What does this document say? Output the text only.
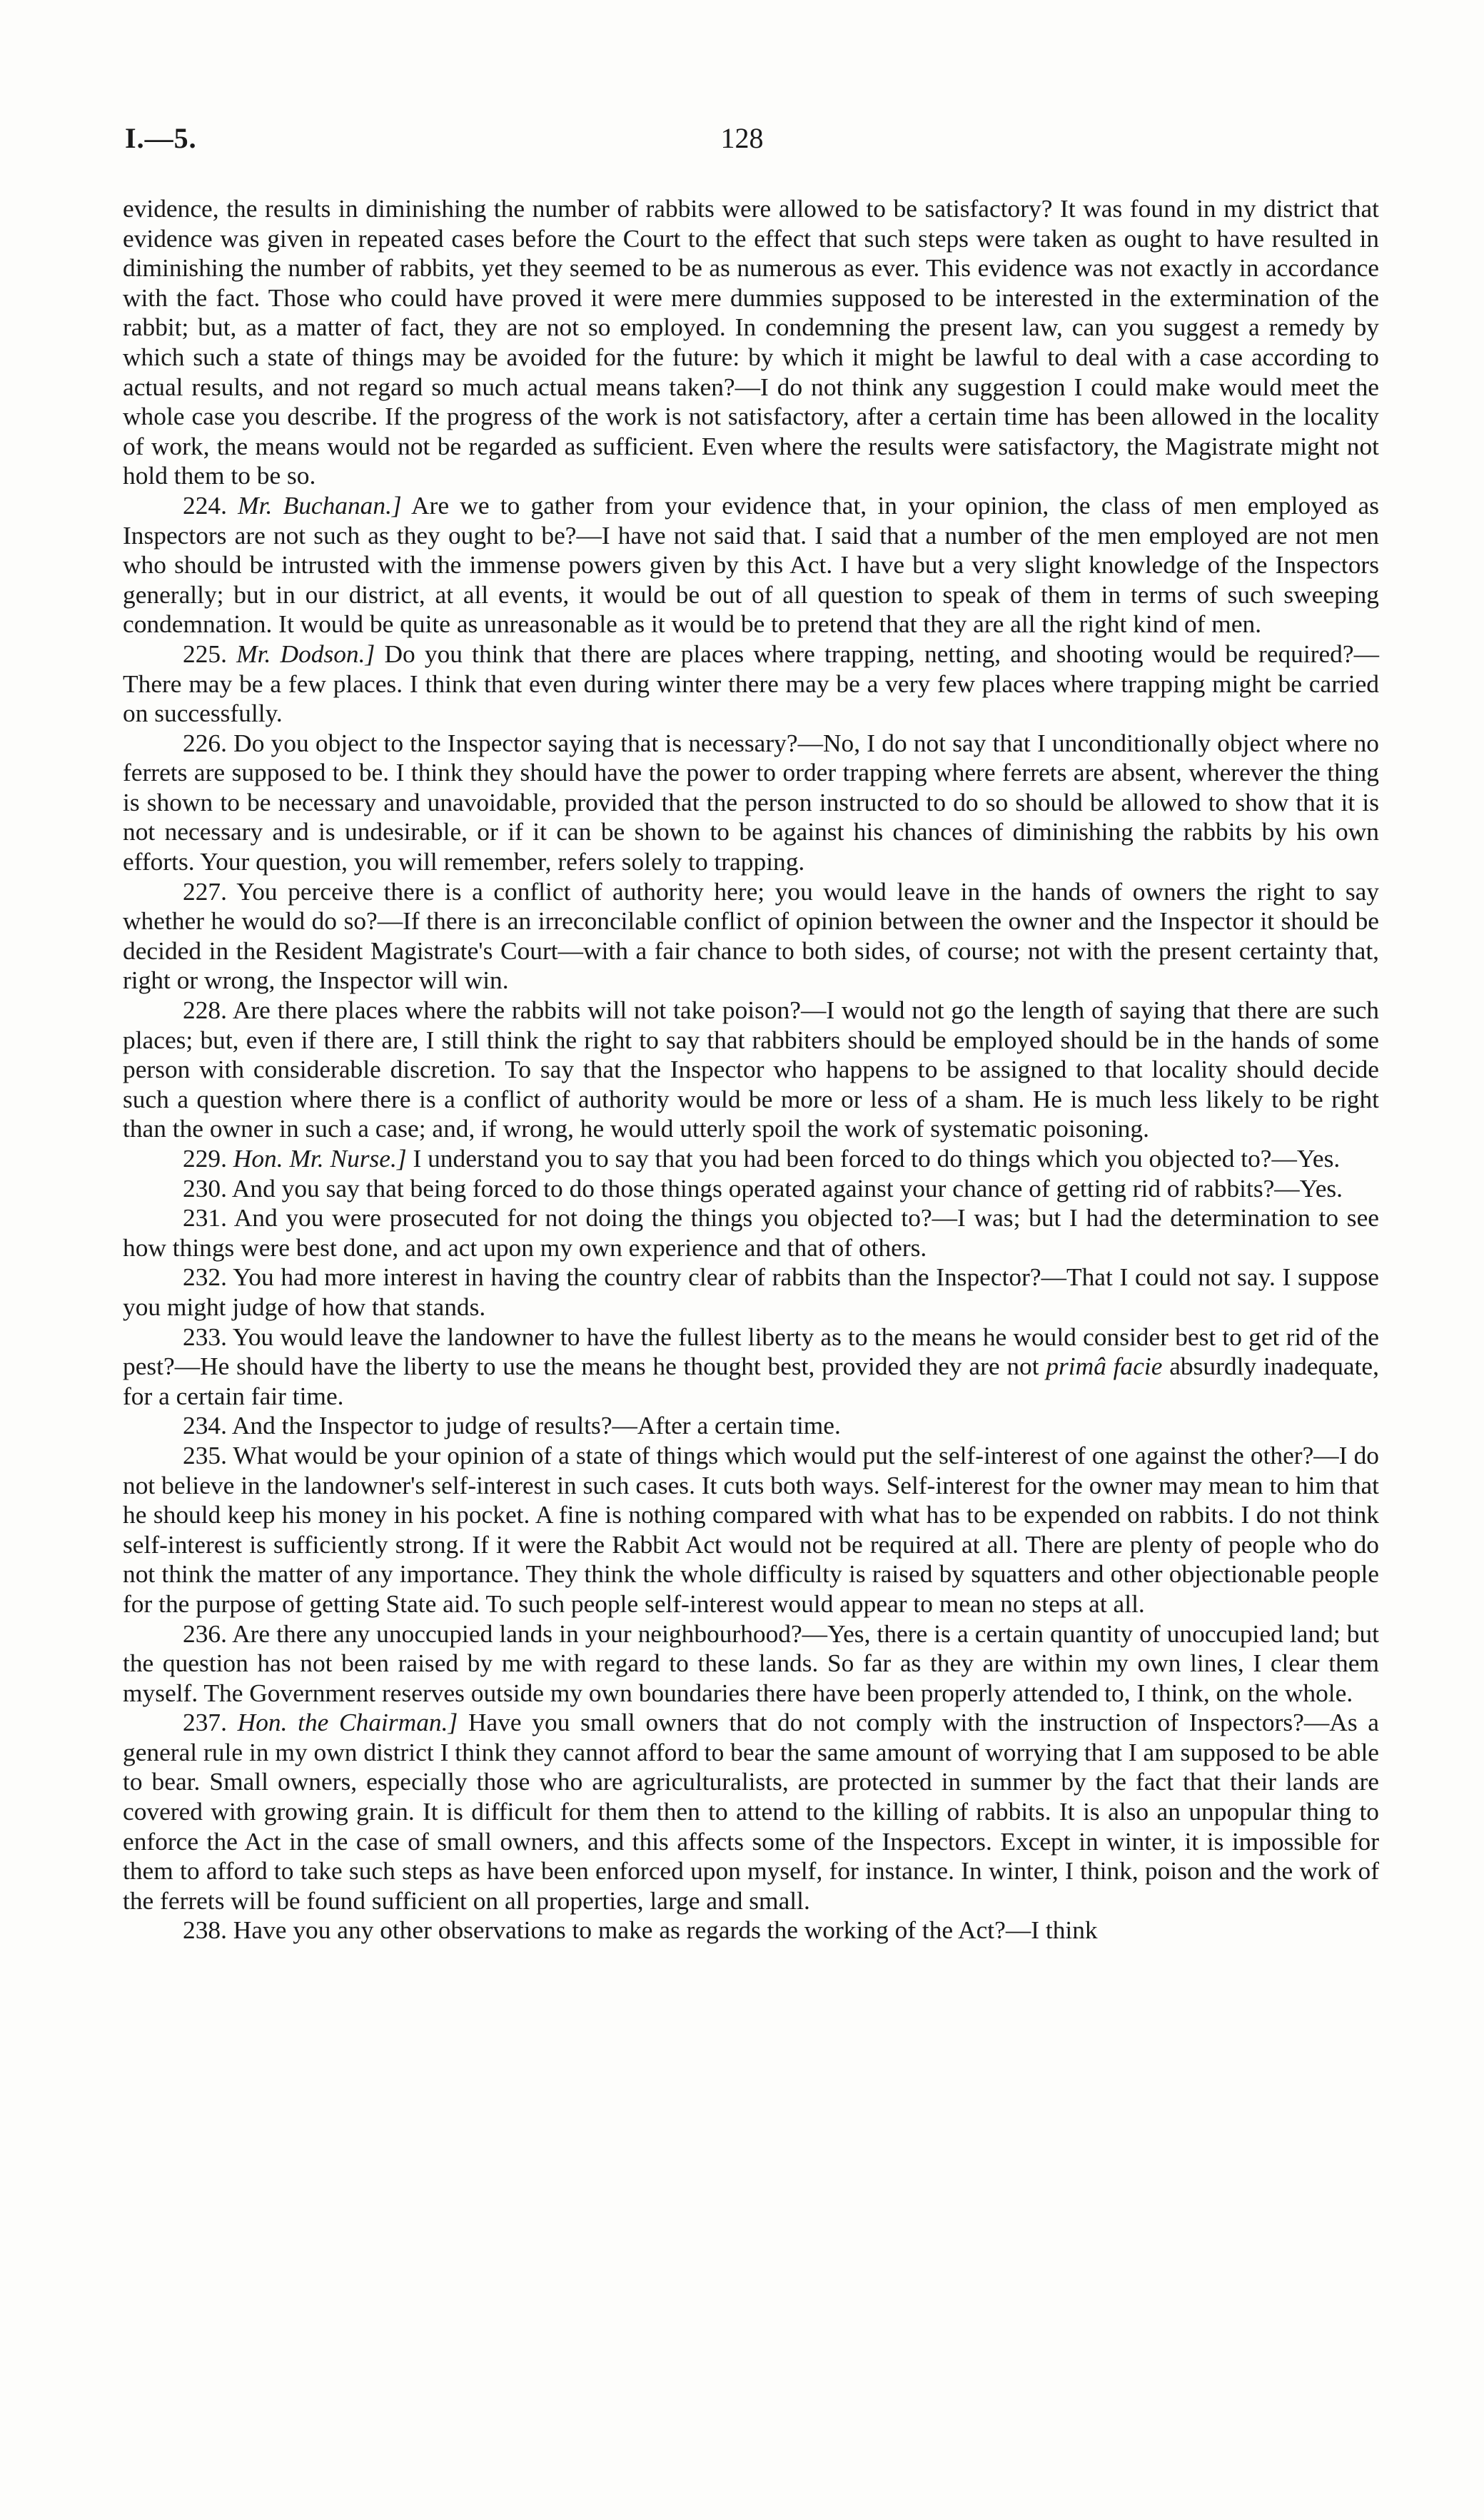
I.—5.	128

evidence, the results in diminishing the number of rabbits were allowed to be satisfactory? It was found in my district that evidence was given in repeated cases before the Court to the effect that such steps were taken as ought to have resulted in diminishing the number of rabbits, yet they seemed to be as numerous as ever. This evidence was not exactly in accordance with the fact. Those who could have proved it were mere dummies supposed to be interested in the extermination of the rabbit; but, as a matter of fact, they are not so employed. In condemning the present law, can you suggest a remedy by which such a state of things may be avoided for the future: by which it might be lawful to deal with a case according to actual results, and not regard so much actual means taken?—I do not think any suggestion I could make would meet the whole case you describe. If the progress of the work is not satisfactory, after a certain time has been allowed in the locality of work, the means would not be regarded as sufficient. Even where the results were satisfactory, the Magistrate might not hold them to be so.

224. Mr. Buchanan.] Are we to gather from your evidence that, in your opinion, the class of men employed as Inspectors are not such as they ought to be?—I have not said that. I said that a number of the men employed are not men who should be intrusted with the immense powers given by this Act. I have but a very slight knowledge of the Inspectors generally; but in our district, at all events, it would be out of all question to speak of them in terms of such sweeping condemnation. It would be quite as unreasonable as it would be to pretend that they are all the right kind of men.

225. Mr. Dodson.] Do you think that there are places where trapping, netting, and shooting would be required?—There may be a few places. I think that even during winter there may be a very few places where trapping might be carried on successfully.

226. Do you object to the Inspector saying that is necessary?—No, I do not say that I unconditionally object where no ferrets are supposed to be. I think they should have the power to order trapping where ferrets are absent, wherever the thing is shown to be necessary and unavoidable, provided that the person instructed to do so should be allowed to show that it is not necessary and is undesirable, or if it can be shown to be against his chances of diminishing the rabbits by his own efforts. Your question, you will remember, refers solely to trapping.

227. You perceive there is a conflict of authority here; you would leave in the hands of owners the right to say whether he would do so?—If there is an irreconcilable conflict of opinion between the owner and the Inspector it should be decided in the Resident Magistrate's Court—with a fair chance to both sides, of course; not with the present certainty that, right or wrong, the Inspector will win.

228. Are there places where the rabbits will not take poison?—I would not go the length of saying that there are such places; but, even if there are, I still think the right to say that rabbiters should be employed should be in the hands of some person with considerable discretion. To say that the Inspector who happens to be assigned to that locality should decide such a question where there is a conflict of authority would be more or less of a sham. He is much less likely to be right than the owner in such a case; and, if wrong, he would utterly spoil the work of systematic poisoning.

229. Hon. Mr. Nurse.] I understand you to say that you had been forced to do things which you objected to?—Yes.

230. And you say that being forced to do those things operated against your chance of getting rid of rabbits?—Yes.

231. And you were prosecuted for not doing the things you objected to?—I was; but I had the determination to see how things were best done, and act upon my own experience and that of others.

232. You had more interest in having the country clear of rabbits than the Inspector?—That I could not say. I suppose you might judge of how that stands.

233. You would leave the landowner to have the fullest liberty as to the means he would consider best to get rid of the pest?—He should have the liberty to use the means he thought best, provided they are not primâ facie absurdly inadequate, for a certain fair time.

234. And the Inspector to judge of results?—After a certain time.

235. What would be your opinion of a state of things which would put the self-interest of one against the other?—I do not believe in the landowner's self-interest in such cases. It cuts both ways. Self-interest for the owner may mean to him that he should keep his money in his pocket. A fine is nothing compared with what has to be expended on rabbits. I do not think self-interest is sufficiently strong. If it were the Rabbit Act would not be required at all. There are plenty of people who do not think the matter of any importance. They think the whole difficulty is raised by squatters and other objectionable people for the purpose of getting State aid. To such people self-interest would appear to mean no steps at all.

236. Are there any unoccupied lands in your neighbourhood?—Yes, there is a certain quantity of unoccupied land; but the question has not been raised by me with regard to these lands. So far as they are within my own lines, I clear them myself. The Government reserves outside my own boundaries there have been properly attended to, I think, on the whole.

237. Hon. the Chairman.] Have you small owners that do not comply with the instruction of Inspectors?—As a general rule in my own district I think they cannot afford to bear the same amount of worrying that I am supposed to be able to bear. Small owners, especially those who are agriculturalists, are protected in summer by the fact that their lands are covered with growing grain. It is difficult for them then to attend to the killing of rabbits. It is also an unpopular thing to enforce the Act in the case of small owners, and this affects some of the Inspectors. Except in winter, it is impossible for them to afford to take such steps as have been enforced upon myself, for instance. In winter, I think, poison and the work of the ferrets will be found sufficient on all properties, large and small.

238. Have you any other observations to make as regards the working of the Act?—I think
